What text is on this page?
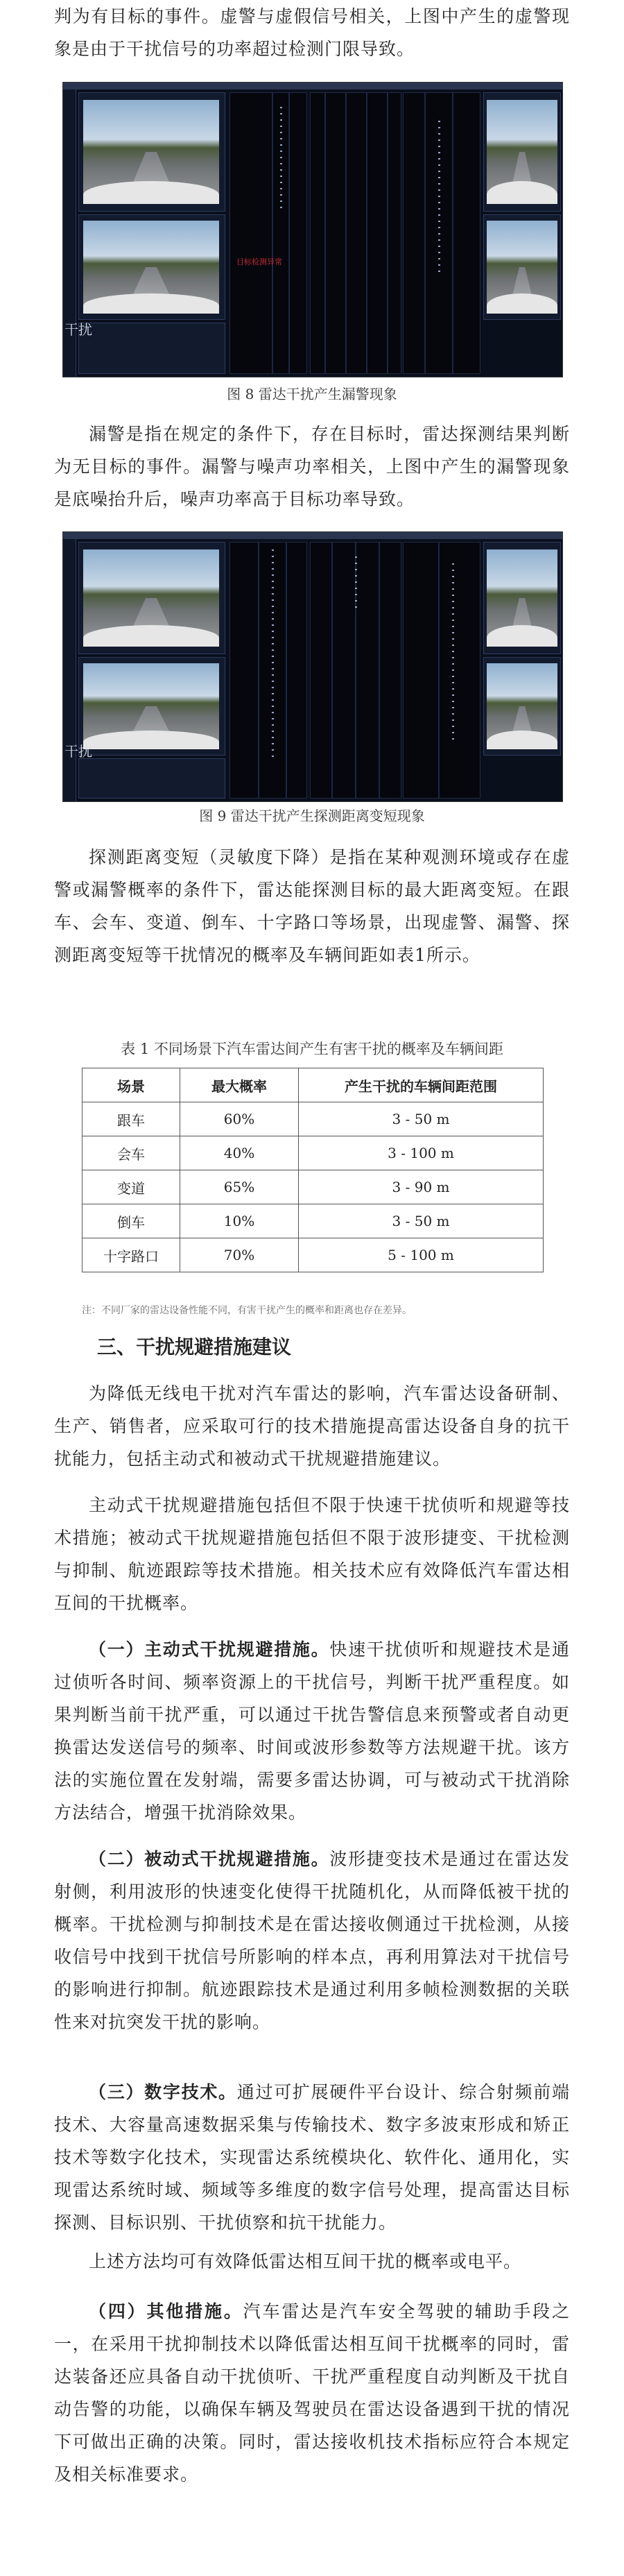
判为有目标的事件。虚警与虚假信号相关，上图中产生的虚警现象是由于干扰信号的功率超过检测门限导致。

目标检测异常
干扰

图 8 雷达干扰产生漏警现象

漏警是指在规定的条件下，存在目标时，雷达探测结果判断为无目标的事件。漏警与噪声功率相关，上图中产生的漏警现象是底噪抬升后，噪声功率高于目标功率导致。

干扰

图 9 雷达干扰产生探测距离变短现象

探测距离变短（灵敏度下降）是指在某种观测环境或存在虚警或漏警概率的条件下，雷达能探测目标的最大距离变短。在跟车、会车、变道、倒车、十字路口等场景，出现虚警、漏警、探测距离变短等干扰情况的概率及车辆间距如表1所示。

表 1 不同场景下汽车雷达间产生有害干扰的概率及车辆间距

场景	最大概率	产生干扰的车辆间距范围
跟车	60%	3 - 50 m
会车	40%	3 - 100 m
变道	65%	3 - 90 m
倒车	10%	3 - 50 m
十字路口	70%	5 - 100 m

注：不同厂家的雷达设备性能不同，有害干扰产生的概率和距离也存在差异。

三、干扰规避措施建议

为降低无线电干扰对汽车雷达的影响，汽车雷达设备研制、生产、销售者，应采取可行的技术措施提高雷达设备自身的抗干扰能力，包括主动式和被动式干扰规避措施建议。

主动式干扰规避措施包括但不限于快速干扰侦听和规避等技术措施；被动式干扰规避措施包括但不限于波形捷变、干扰检测与抑制、航迹跟踪等技术措施。相关技术应有效降低汽车雷达相互间的干扰概率。

（一）主动式干扰规避措施。快速干扰侦听和规避技术是通过侦听各时间、频率资源上的干扰信号，判断干扰严重程度。如果判断当前干扰严重，可以通过干扰告警信息来预警或者自动更换雷达发送信号的频率、时间或波形参数等方法规避干扰。该方法的实施位置在发射端，需要多雷达协调，可与被动式干扰消除方法结合，增强干扰消除效果。

（二）被动式干扰规避措施。波形捷变技术是通过在雷达发射侧，利用波形的快速变化使得干扰随机化，从而降低被干扰的概率。干扰检测与抑制技术是在雷达接收侧通过干扰检测，从接收信号中找到干扰信号所影响的样本点，再利用算法对干扰信号的影响进行抑制。航迹跟踪技术是通过利用多帧检测数据的关联性来对抗突发干扰的影响。

（三）数字技术。通过可扩展硬件平台设计、综合射频前端技术、大容量高速数据采集与传输技术、数字多波束形成和矫正技术等数字化技术，实现雷达系统模块化、软件化、通用化，实现雷达系统时域、频域等多维度的数字信号处理，提高雷达目标探测、目标识别、干扰侦察和抗干扰能力。

上述方法均可有效降低雷达相互间干扰的概率或电平。

（四）其他措施。汽车雷达是汽车安全驾驶的辅助手段之一，在采用干扰抑制技术以降低雷达相互间干扰概率的同时，雷达装备还应具备自动干扰侦听、干扰严重程度自动判断及干扰自动告警的功能，以确保车辆及驾驶员在雷达设备遇到干扰的情况下可做出正确的决策。同时，雷达接收机技术指标应符合本规定及相关标准要求。
